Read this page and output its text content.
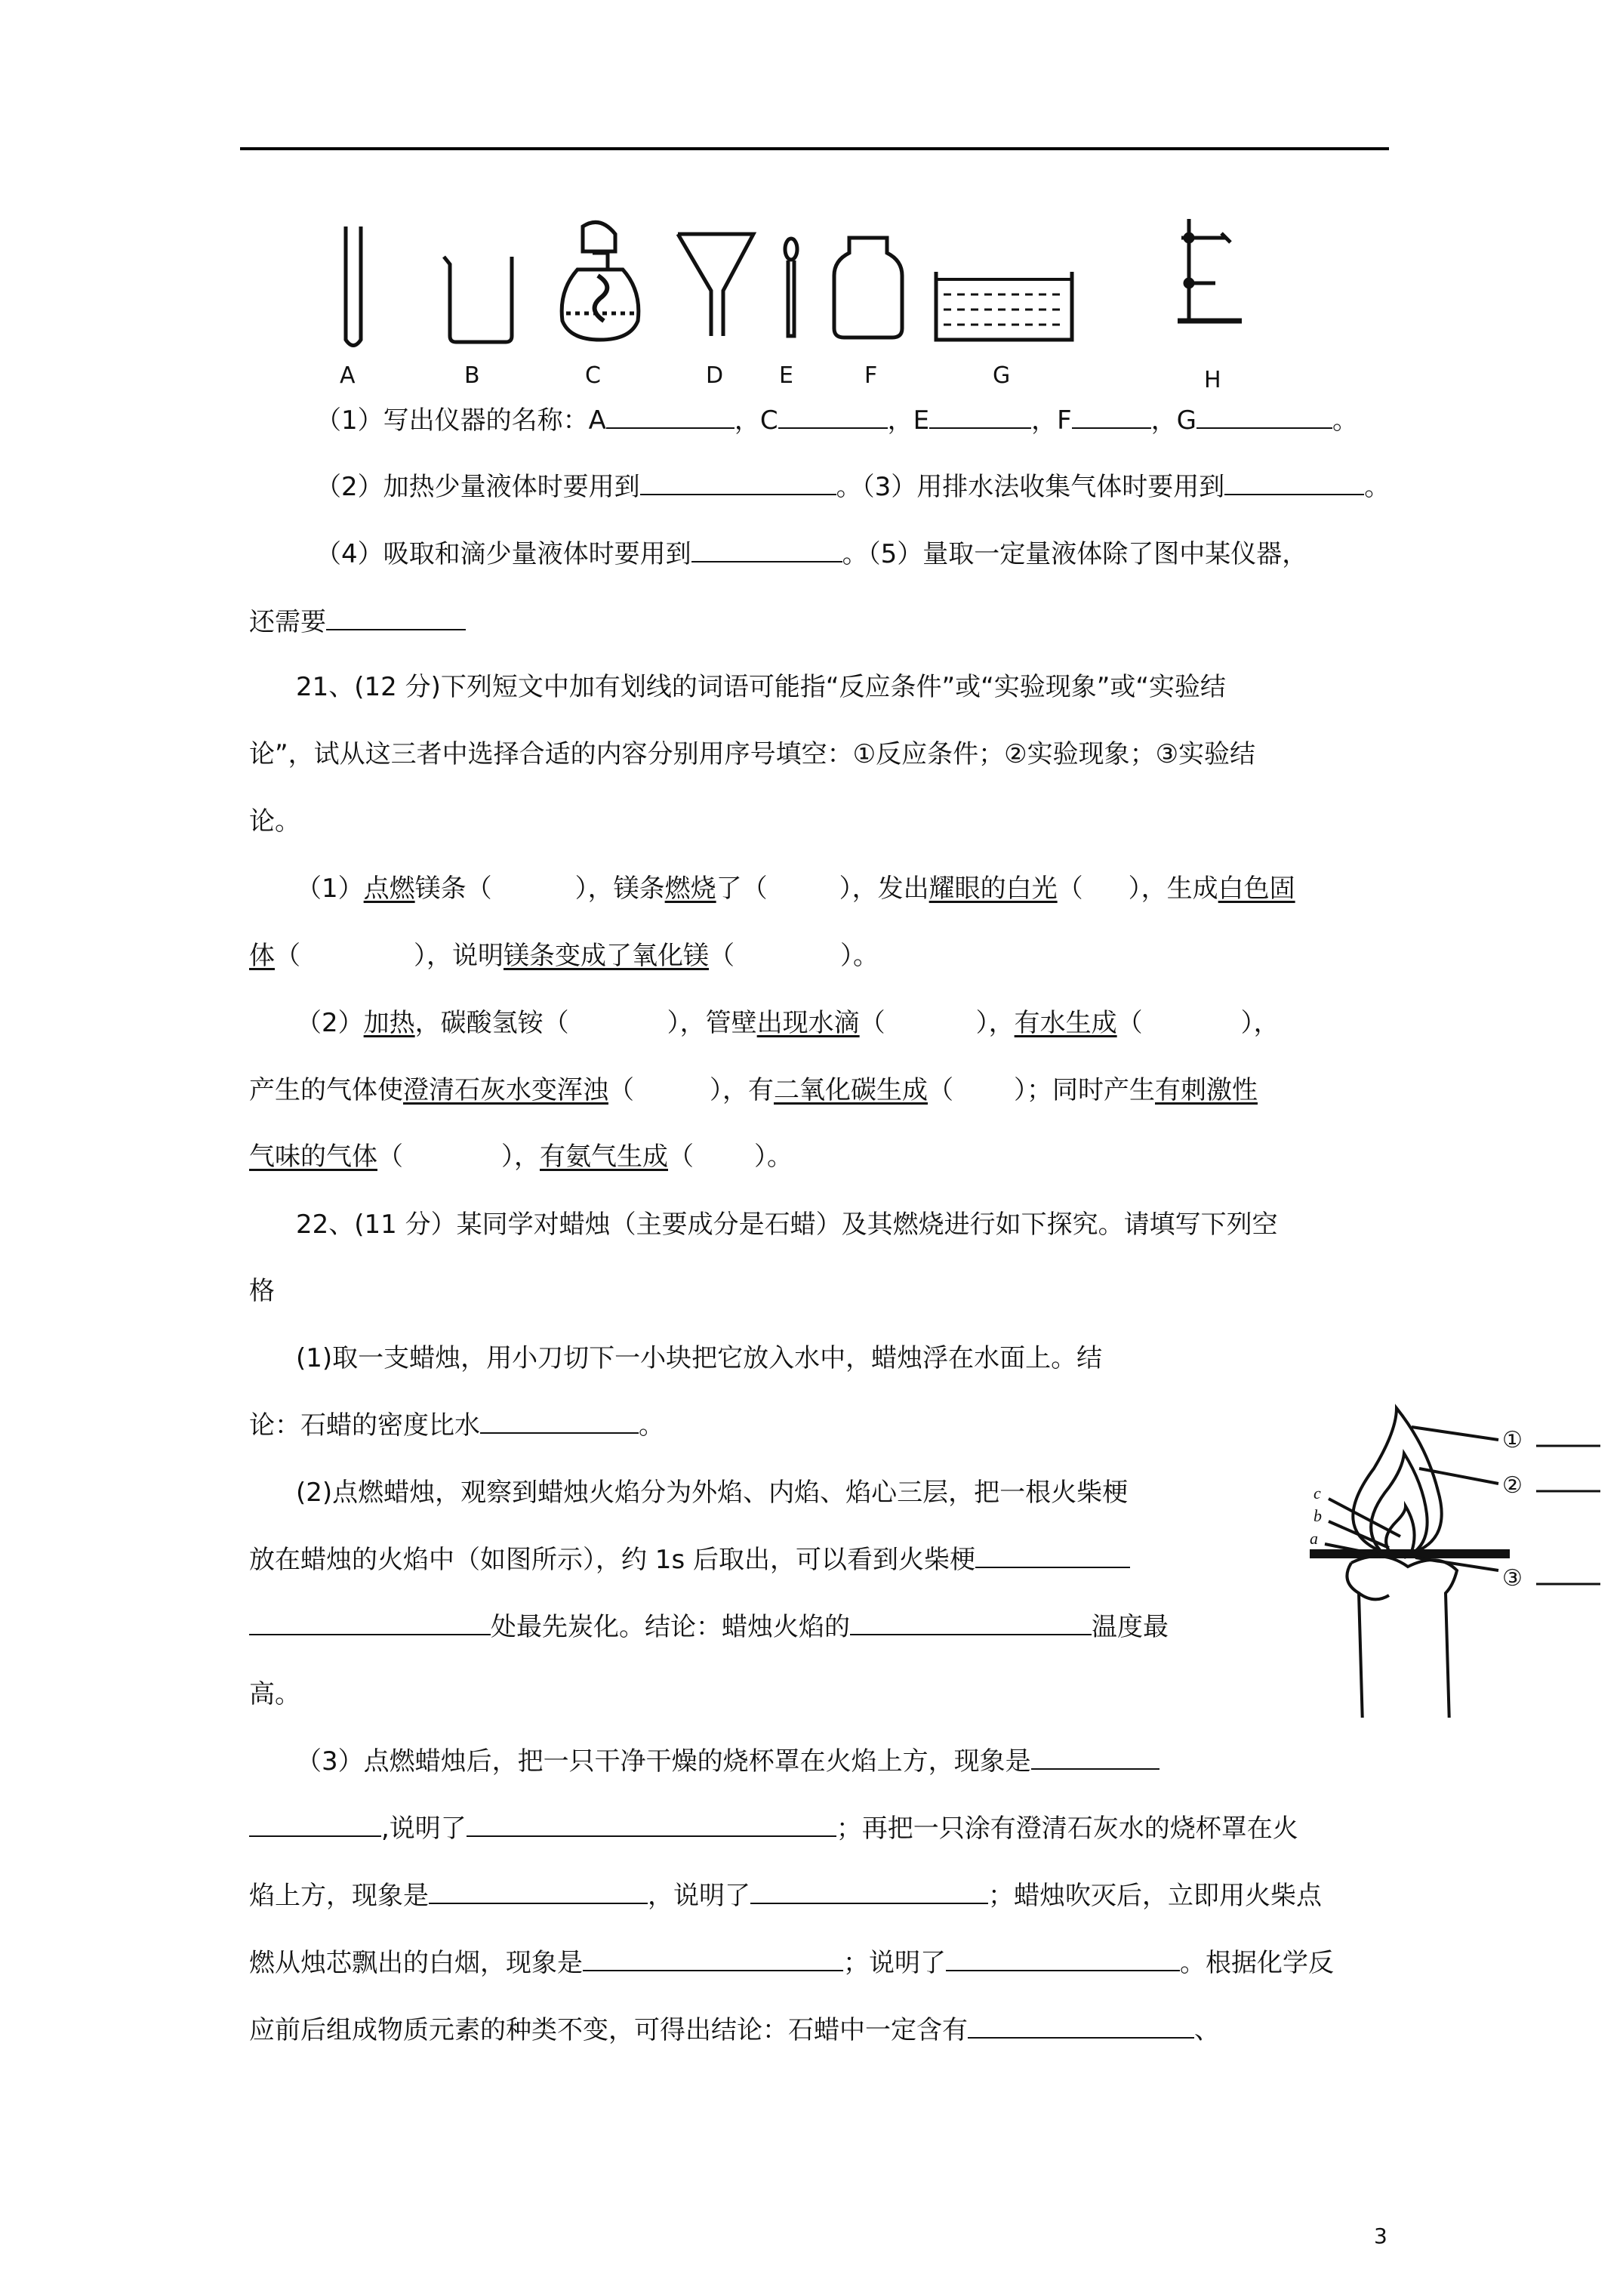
A	B	C	D E	F	G	H
（1）写出仪器的名称：A	，C	，E	，F	，G	。
（2）加热少量液体时要用到	。（3）用排水法收集气体时要用到	。
（4）吸取和滴少量液体时要用到	。（5）量取一定量液体除了图中某仪器，
还需要
21、(12 分)下列短文中加有划线的词语可能指“反应条件”或“实验现象”或“实验结
论”，试从这三者中选择合适的内容分别用序号填空：①反应条件；②实验现象；③实验结
论。
（1）点燃镁条（	），镁条燃烧了（	），发出耀眼的白光（ ），生成白色固
体（	），说明镁条变成了氧化镁（	）。
（2）加热，碳酸氢铵（	），管壁出现水滴（	），有水生成（	），
产生的气体使澄清石灰水变浑浊（	），有二氧化碳生成（ ）；同时产生有刺激性
气味的气体（	），有氨气生成（ ）。
22、(11 分）某同学对蜡烛（主要成分是石蜡）及其燃烧进行如下探究。请填写下列空
格
(1)取一支蜡烛，用小刀切下一小块把它放入水中，蜡烛浮在水面上。结
论：石蜡的密度比水	。
(2)点燃蜡烛，观察到蜡烛火焰分为外焰、内焰、焰心三层，把一根火柴梗
放在蜡烛的火焰中（如图所示），约 1s 后取出，可以看到火柴梗
处最先炭化。结论：蜡烛火焰的	温度最
高。
（3）点燃蜡烛后，把一只干净干燥的烧杯罩在火焰上方，现象是
,说明了	；再把一只涂有澄清石灰水的烧杯罩在火
焰上方，现象是	，说明了	；蜡烛吹灭后，立即用火柴点
燃从烛芯飘出的白烟，现象是	；说明了	。根据化学反
应前后组成物质元素的种类不变，可得出结论：石蜡中一定含有	、
c
b
a
①
②
③
3
